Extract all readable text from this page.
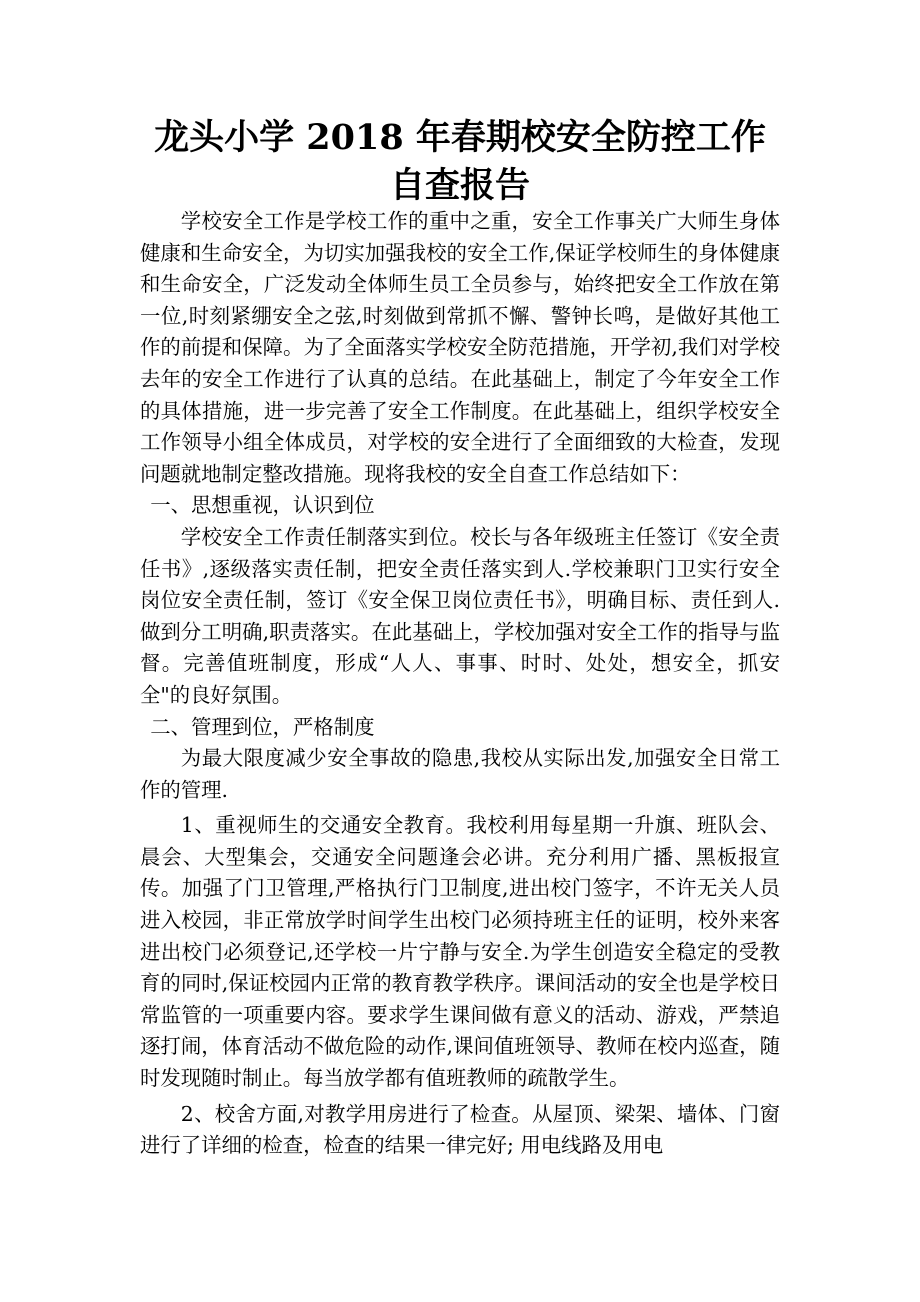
龙头小学 2018 年春期校安全防控工作
自查报告

学校安全工作是学校工作的重中之重，安全工作事关广大师生身体健康和生命安全，为切实加强我校的安全工作,保证学校师生的身体健康和生命安全，广泛发动全体师生员工全员参与，始终把安全工作放在第一位,时刻紧绷安全之弦,时刻做到常抓不懈、警钟长鸣，是做好其他工作的前提和保障。为了全面落实学校安全防范措施，开学初,我们对学校去年的安全工作进行了认真的总结。在此基础上，制定了今年安全工作的具体措施，进一步完善了安全工作制度。在此基础上，组织学校安全工作领导小组全体成员，对学校的安全进行了全面细致的大检查，发现问题就地制定整改措施。现将我校的安全自查工作总结如下：

一、思想重视，认识到位

学校安全工作责任制落实到位。校长与各年级班主任签订《安全责任书》,逐级落实责任制，把安全责任落实到人.学校兼职门卫实行安全岗位安全责任制，签订《安全保卫岗位责任书》，明确目标、责任到人.做到分工明确,职责落实。在此基础上，学校加强对安全工作的指导与监督。完善值班制度，形成“人人、事事、时时、处处，想安全，抓安全"的良好氛围。

二、管理到位，严格制度

为最大限度减少安全事故的隐患,我校从实际出发,加强安全日常工作的管理.

1、重视师生的交通安全教育。我校利用每星期一升旗、班队会、晨会、大型集会，交通安全问题逢会必讲。充分利用广播、黑板报宣传。加强了门卫管理,严格执行门卫制度,进出校门签字，不许无关人员进入校园，非正常放学时间学生出校门必须持班主任的证明，校外来客进出校门必须登记,还学校一片宁静与安全.为学生创造安全稳定的受教育的同时,保证校园内正常的教育教学秩序。课间活动的安全也是学校日常监管的一项重要内容。要求学生课间做有意义的活动、游戏，严禁追逐打闹，体育活动不做危险的动作,课间值班领导、教师在校内巡查，随时发现随时制止。每当放学都有值班教师的疏散学生。

2、校舍方面,对教学用房进行了检查。从屋顶、梁架、墙体、门窗进行了详细的检查，检查的结果一律完好; 用电线路及用电
